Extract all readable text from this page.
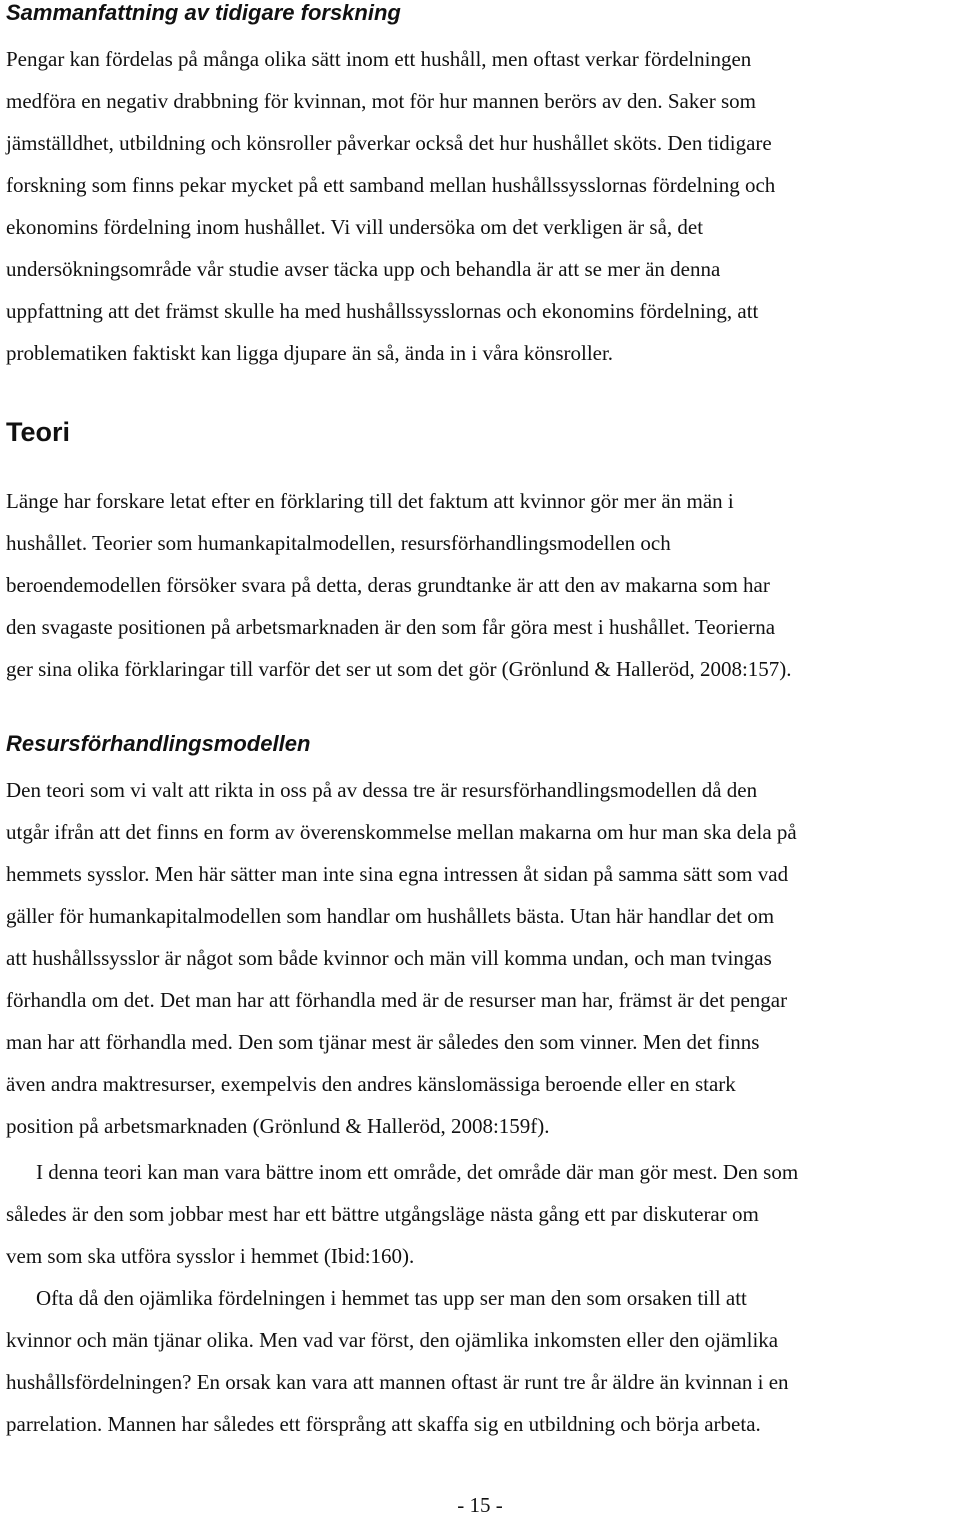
Sammanfattning av tidigare forskning
Pengar kan fördelas på många olika sätt inom ett hushåll, men oftast verkar fördelningen
medföra en negativ drabbning för kvinnan, mot för hur mannen berörs av den. Saker som
jämställdhet, utbildning och könsroller påverkar också det hur hushållet sköts. Den tidigare
forskning som finns pekar mycket på ett samband mellan hushållssysslornas fördelning och
ekonomins fördelning inom hushållet. Vi vill undersöka om det verkligen är så, det
undersökningsområde vår studie avser täcka upp och behandla är att se mer än denna
uppfattning att det främst skulle ha med hushållssysslornas och ekonomins fördelning, att
problematiken faktiskt kan ligga djupare än så, ända in i våra könsroller.
Teori
Länge har forskare letat efter en förklaring till det faktum att kvinnor gör mer än män i
hushållet. Teorier som humankapitalmodellen, resursförhandlingsmodellen och
beroendemodellen försöker svara på detta, deras grundtanke är att den av makarna som har
den svagaste positionen på arbetsmarknaden är den som får göra mest i hushållet. Teorierna
ger sina olika förklaringar till varför det ser ut som det gör (Grönlund & Halleröd, 2008:157).
Resursförhandlingsmodellen
Den teori som vi valt att rikta in oss på av dessa tre är resursförhandlingsmodellen då den
utgår ifrån att det finns en form av överenskommelse mellan makarna om hur man ska dela på
hemmets sysslor. Men här sätter man inte sina egna intressen åt sidan på samma sätt som vad
gäller för humankapitalmodellen som handlar om hushållets bästa. Utan här handlar det om
att hushållssysslor är något som både kvinnor och män vill komma undan, och man tvingas
förhandla om det. Det man har att förhandla med är de resurser man har, främst är det pengar
man har att förhandla med. Den som tjänar mest är således den som vinner. Men det finns
även andra maktresurser, exempelvis den andres känslomässiga beroende eller en stark
position på arbetsmarknaden (Grönlund & Halleröd, 2008:159f).
I denna teori kan man vara bättre inom ett område, det område där man gör mest. Den som
således är den som jobbar mest har ett bättre utgångsläge nästa gång ett par diskuterar om
vem som ska utföra sysslor i hemmet (Ibid:160).
Ofta då den ojämlika fördelningen i hemmet tas upp ser man den som orsaken till att
kvinnor och män tjänar olika. Men vad var först, den ojämlika inkomsten eller den ojämlika
hushållsfördelningen? En orsak kan vara att mannen oftast är runt tre år äldre än kvinnan i en
parrelation. Mannen har således ett försprång att skaffa sig en utbildning och börja arbeta.
- 15 -
